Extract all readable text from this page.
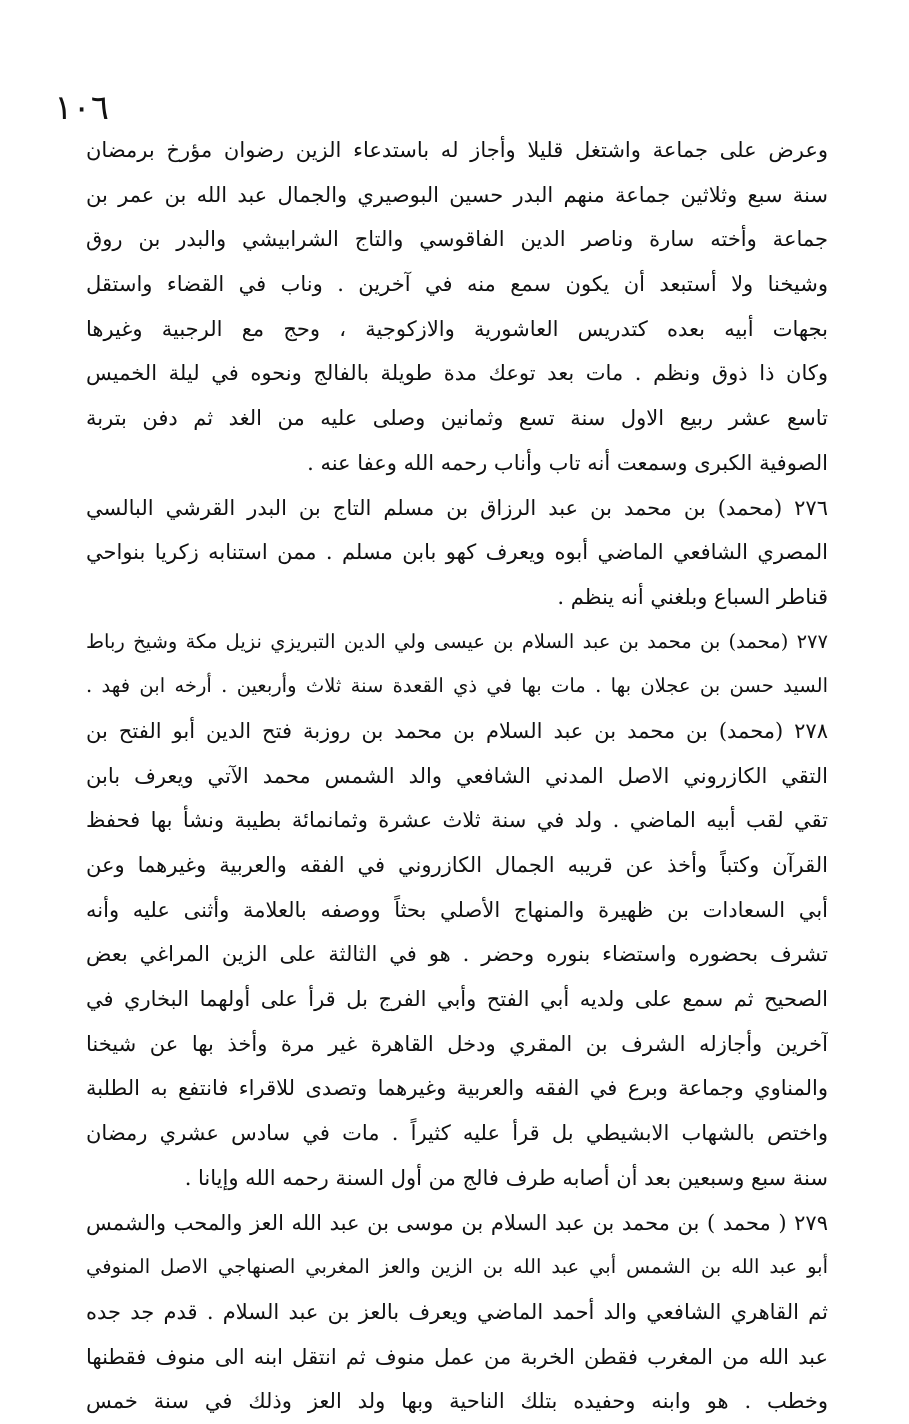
١٠٦
وعرض على جماعة واشتغل قليلا وأجاز له باستدعاء الزين رضوان مؤرخ برمضان
سنة سبع وثلاثين جماعة منهم البدر حسين البوصيري والجمال عبد الله بن عمر بن
جماعة وأخته سارة وناصر الدين الفاقوسي والتاج الشرابيشي والبدر بن روق
وشيخنا ولا أستبعد أن يكون سمع منه في آخرين . وناب في القضاء واستقل
بجهات أبيه بعده كتدريس العاشورية والازكوجية ، وحج مع الرجبية وغيرها
وكان ذا ذوق ونظم . مات بعد توعك مدة طويلة بالفالج ونحوه في ليلة الخميس
تاسع عشر ربيع الاول سنة تسع وثمانين وصلى عليه من الغد ثم دفن بتربة
الصوفية الكبرى وسمعت أنه تاب وأناب رحمه الله وعفا عنه .
٢٧٦ (محمد) بن محمد بن عبد الرزاق بن مسلم التاج بن البدر القرشي البالسي
المصري الشافعي الماضي أبوه ويعرف كهو بابن مسلم . ممن استنابه زكريا بنواحي
قناطر السباع وبلغني أنه ينظم .
٢٧٧ (محمد) بن محمد بن عبد السلام بن عيسى ولي الدين التبريزي نزيل مكة وشيخ رباط
السيد حسن بن عجلان بها . مات بها في ذي القعدة سنة ثلاث وأربعين . أرخه ابن فهد .
٢٧٨ (محمد) بن محمد بن عبد السلام بن محمد بن روزبة فتح الدين أبو الفتح بن
التقي الكازروني الاصل المدني الشافعي والد الشمس محمد الآتي ويعرف بابن
تقي لقب أبيه الماضي . ولد في سنة ثلاث عشرة وثمانمائة بطيبة ونشأ بها فحفظ
القرآن وكتباً وأخذ عن قريبه الجمال الكازروني في الفقه والعربية وغيرهما وعن
أبي السعادات بن ظهيرة والمنهاج الأصلي بحثاً ووصفه بالعلامة وأثنى عليه وأنه
تشرف بحضوره واستضاء بنوره وحضر . هو في الثالثة على الزين المراغي بعض
الصحيح ثم سمع على ولديه أبي الفتح وأبي الفرج بل قرأ على أولهما البخاري في
آخرين وأجازله الشرف بن المقري ودخل القاهرة غير مرة وأخذ بها عن شيخنا
والمناوي وجماعة وبرع في الفقه والعربية وغيرهما وتصدى للاقراء فانتفع به الطلبة
واختص بالشهاب الابشيطي بل قرأ عليه كثيراً . مات في سادس عشري رمضان
سنة سبع وسبعين بعد أن أصابه طرف فالج من أول السنة رحمه الله وإيانا .
٢٧٩ ( محمد ) بن محمد بن عبد السلام بن موسى بن عبد الله العز والمحب والشمس
أبو عبد الله بن الشمس أبي عبد الله بن الزين والعز المغربي الصنهاجي الاصل المنوفي
ثم القاهري الشافعي والد أحمد الماضي ويعرف بالعز بن عبد السلام . قدم جد جده
عبد الله من المغرب فقطن الخربة من عمل منوف ثم انتقل ابنه الى منوف فقطنها
وخطب . هو وابنه وحفيده بتلك الناحية وبها ولد العز وذلك في سنة خمس
